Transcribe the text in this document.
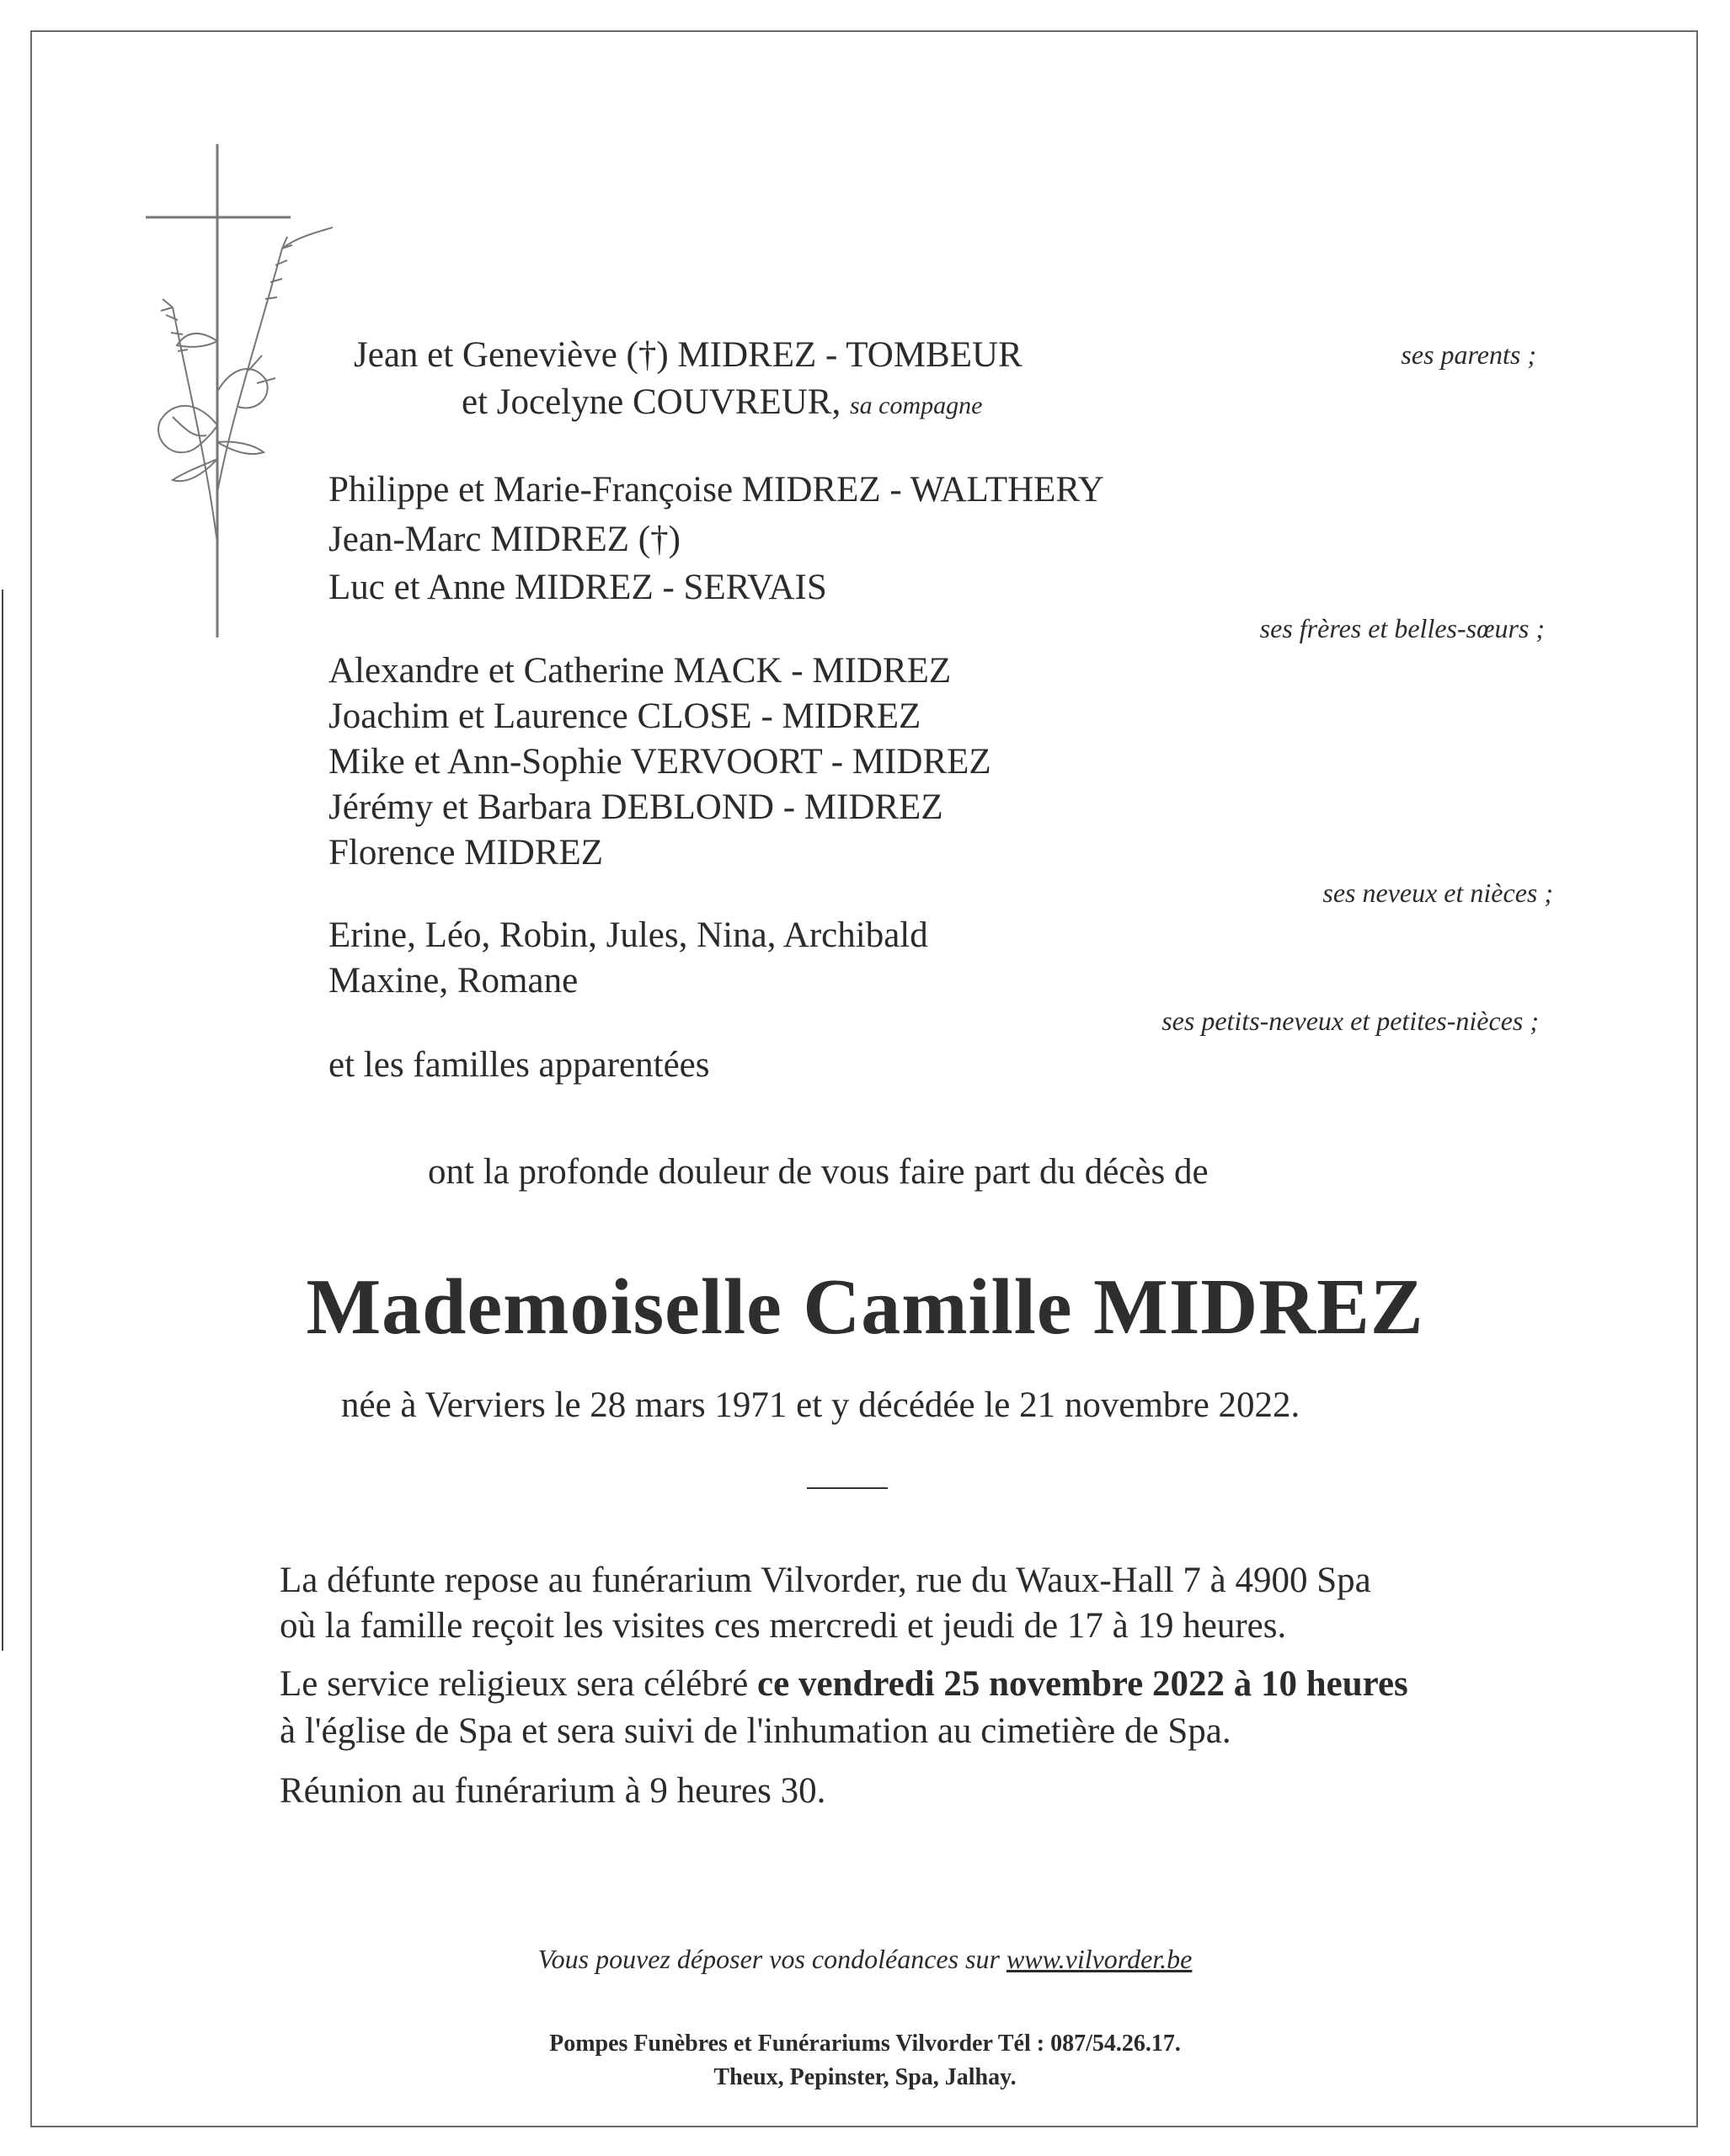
Jean et Geneviève (†) MIDREZ - TOMBEUR
et Jocelyne COUVREUR, sa compagne
ses parents ;
Philippe et Marie-Françoise MIDREZ - WALTHERY
Jean-Marc MIDREZ (†)
Luc et Anne MIDREZ - SERVAIS
ses frères et belles-sœurs ;
Alexandre et Catherine MACK - MIDREZ
Joachim et Laurence CLOSE - MIDREZ
Mike et Ann-Sophie VERVOORT - MIDREZ
Jérémy et Barbara DEBLOND - MIDREZ
Florence MIDREZ
ses neveux et nièces ;
Erine, Léo, Robin, Jules, Nina, Archibald
Maxine, Romane
ses petits-neveux et petites-nièces ;
et les familles apparentées
ont la profonde douleur de vous faire part du décès de
Mademoiselle Camille MIDREZ
née à Verviers le 28 mars 1971 et y décédée le 21 novembre 2022.
La défunte repose au funérarium Vilvorder, rue du Waux-Hall 7 à 4900 Spa
où la famille reçoit les visites ces mercredi et jeudi de 17 à 19 heures.
Le service religieux sera célébré ce vendredi 25 novembre 2022 à 10 heures
à l'église de Spa et sera suivi de l'inhumation au cimetière de Spa.
Réunion au funérarium à 9 heures 30.
Vous pouvez déposer vos condoléances sur www.vilvorder.be
Pompes Funèbres et Funérariums Vilvorder Tél : 087/54.26.17.
Theux, Pepinster, Spa, Jalhay.
